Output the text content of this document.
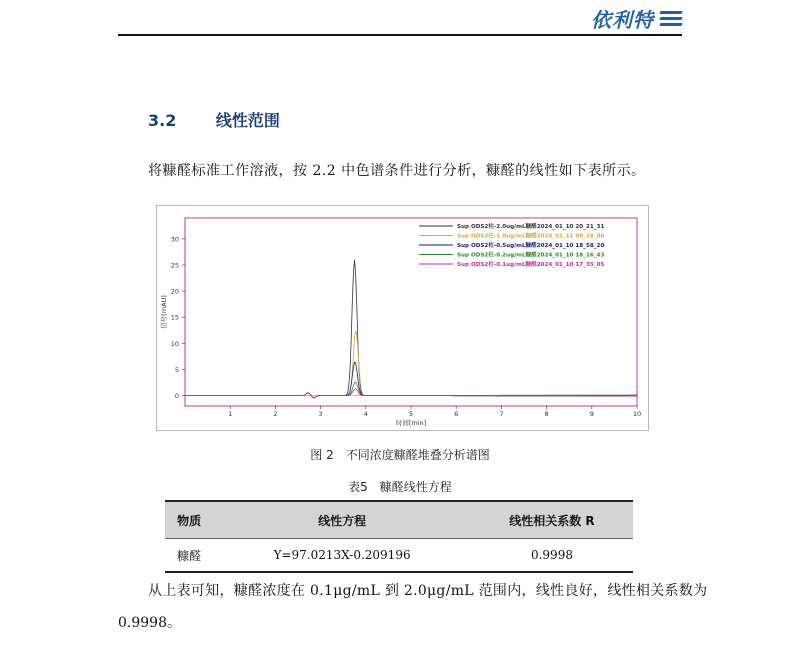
依利特
3.2 线性范围
将糠醛标准工作溶液，按 2.2 中色谱条件进行分析，糠醛的线性如下表所示。
0
5
10
15
20
25
30
1	2	3	4	5	6	7	8	9	10
时间[min]
信号[mAU]
Sup ODS2柱-2.0ug/mL糠醛2024_01_10 20_21_31
Sup ODS2柱-1.0ug/mL糠醛2024_01_11 09_18_06
Sup ODS2柱-0.5ug/mL糠醛2024_01_10 18_58_20
Sup ODS2柱-0.2ug/mL糠醛2024_01_10 18_16_43
Sup ODS2柱-0.1ug/mL糠醛2024_01_10 17_35_05
图 2　不同浓度糠醛堆叠分析谱图
表5　糠醛线性方程
物质	线性方程	线性相关系数 R
糠醛	Y=97.0213X-0.209196	0.9998
从上表可知，糠醛浓度在 0.1μg/mL 到 2.0μg/mL 范围内，线性良好，线性相关系数为
0.9998。
